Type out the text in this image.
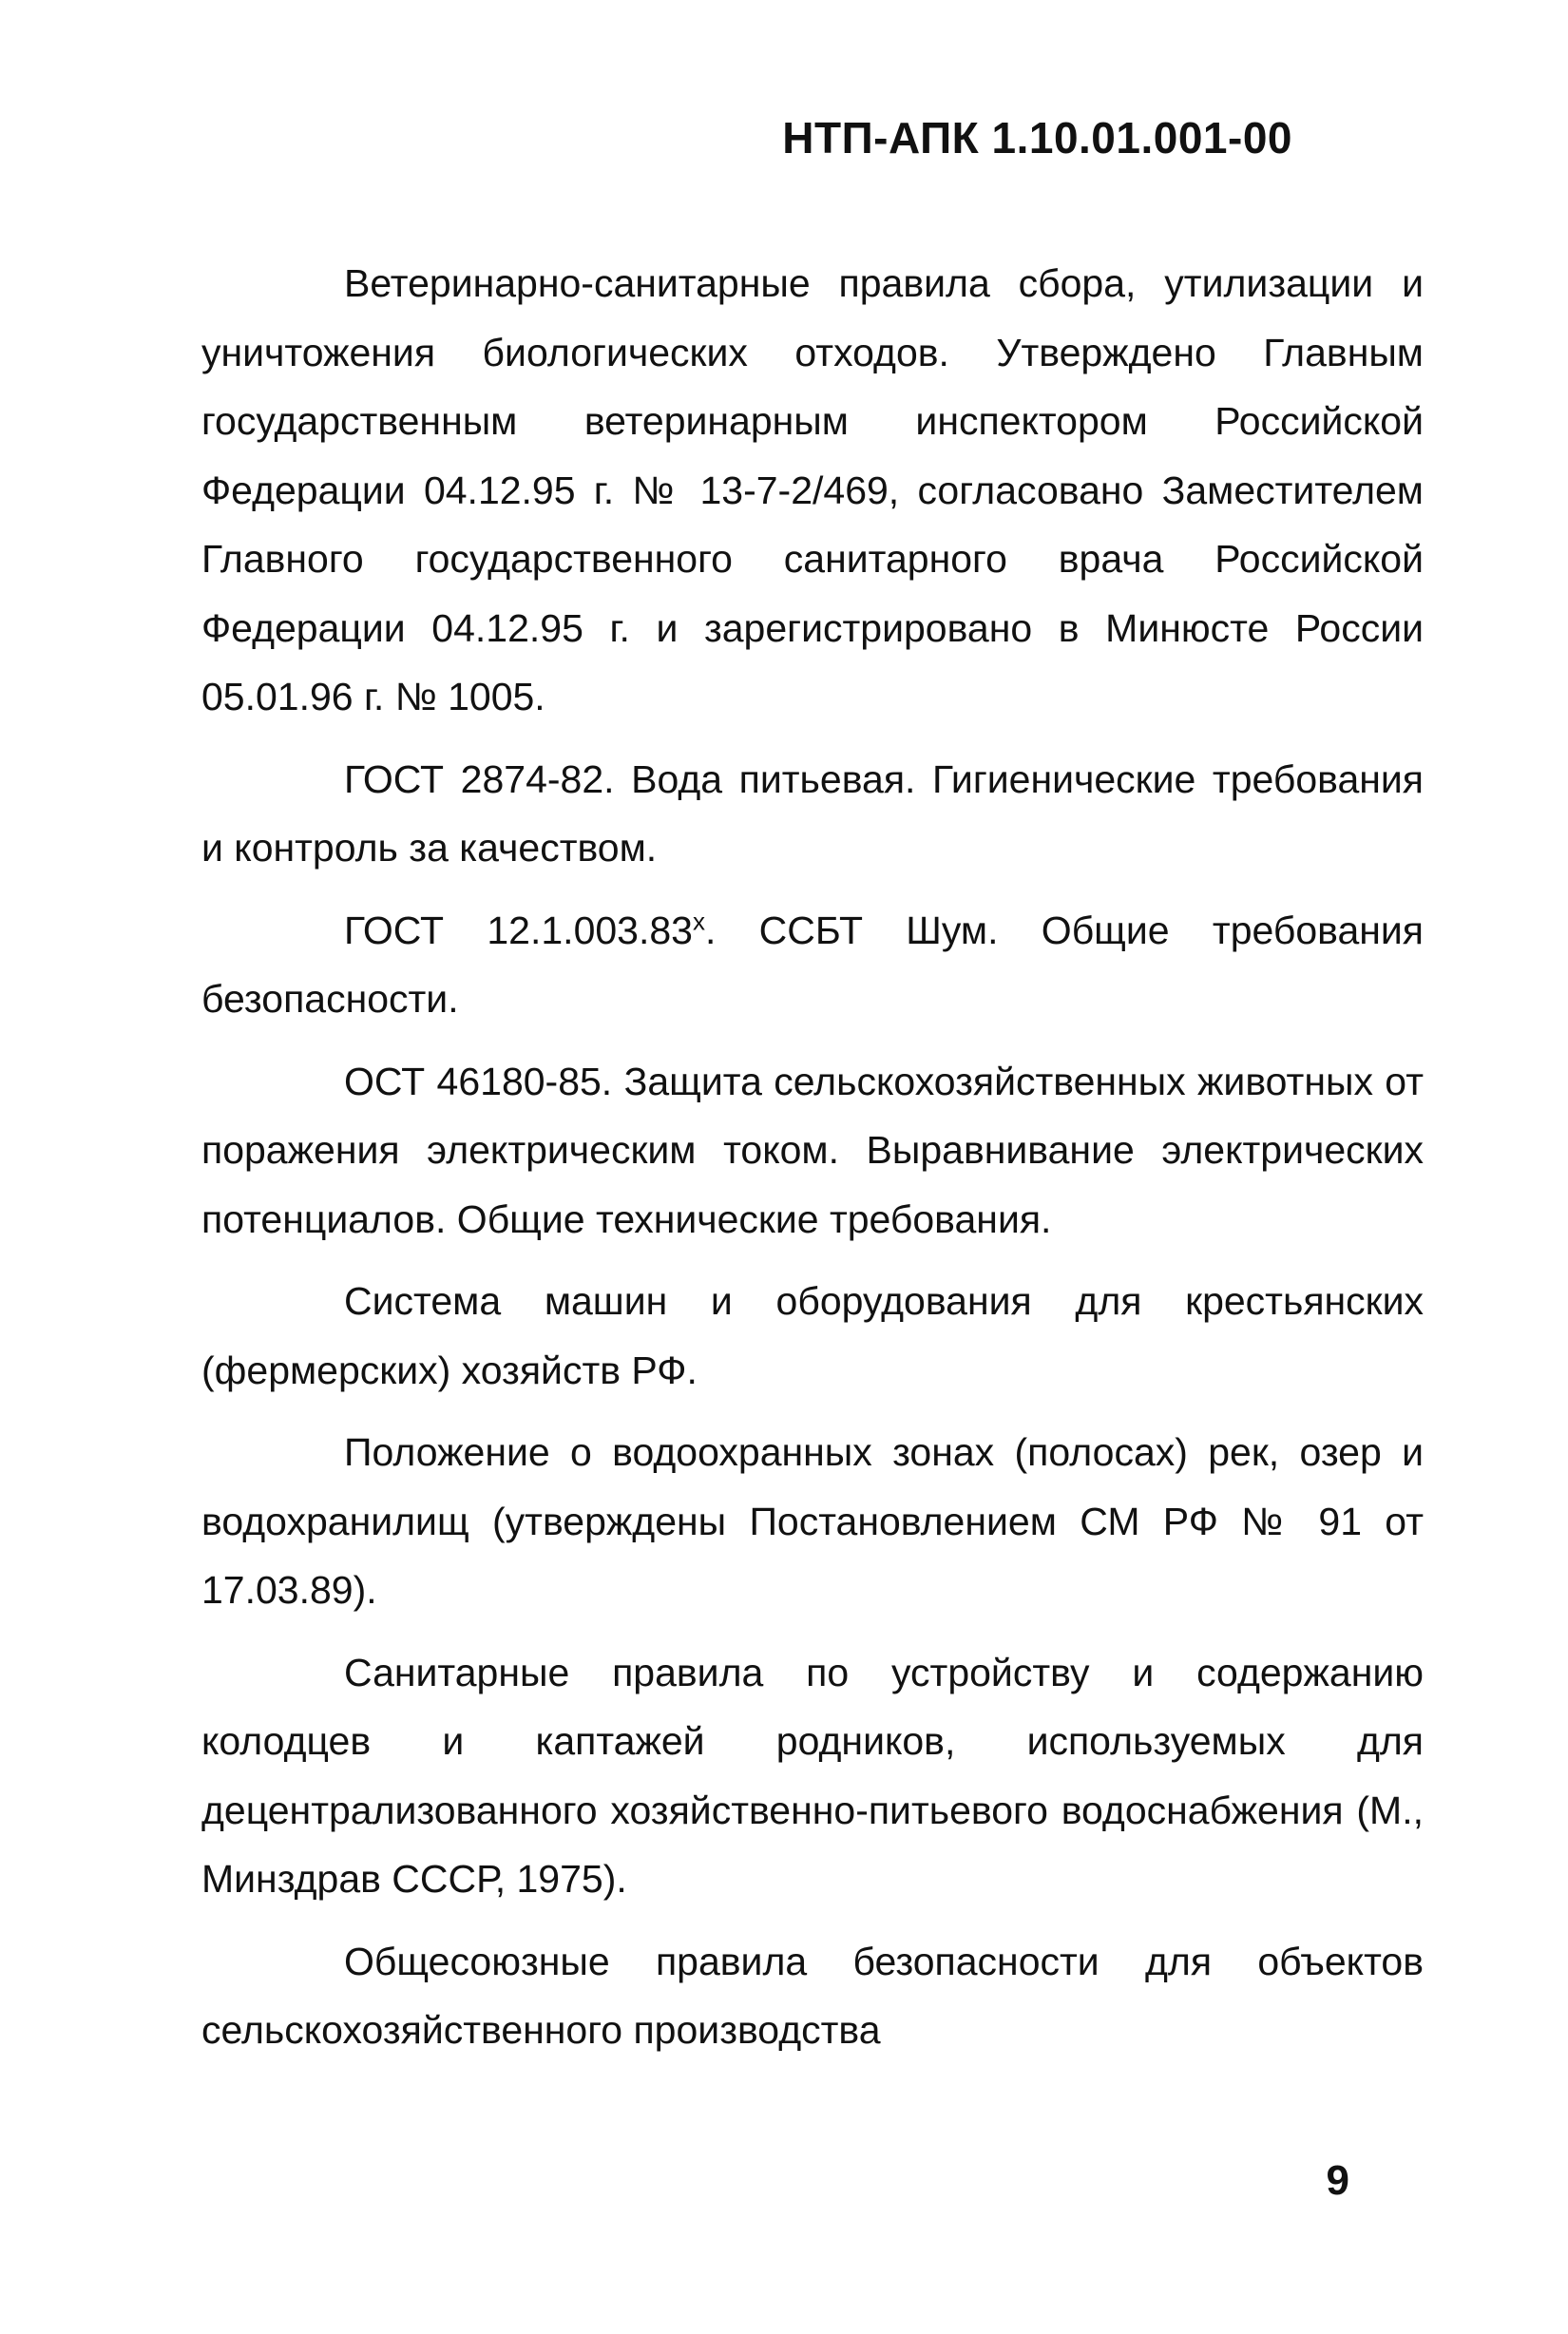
НТП-АПК 1.10.01.001-00

Ветеринарно-санитарные правила сбора, утилизации и уничтожения биологических отходов. Утверждено Главным государственным ветеринарным инспектором Российской Федерации 04.12.95 г. № 13-7-2/469, согласовано Заместителем Главного государственного санитарного врача Российской Федерации 04.12.95 г. и зарегистрировано в Минюсте России 05.01.96 г. № 1005.

ГОСТ 2874-82. Вода питьевая. Гигиенические требования и контроль за качеством.

ГОСТ 12.1.003.83$^x$. ССБТ Шум. Общие требования безопасности.

ОСТ 46180-85. Защита сельскохозяйственных животных от поражения электрическим током. Выравнивание электрических потенциалов. Общие технические требования.

Система машин и оборудования для крестьянских (фермерских) хозяйств РФ.

Положение о водоохранных зонах (полосах) рек, озер и водохранилищ (утверждены Постановлением СМ РФ № 91 от 17.03.89).

Санитарные правила по устройству и содержанию колодцев и каптажей родников, используемых для децентрализованного хозяйственно-питьевого водоснабжения (М., Минздрав СССР, 1975).

Общесоюзные правила безопасности для объектов сельскохозяйственного производства

9
